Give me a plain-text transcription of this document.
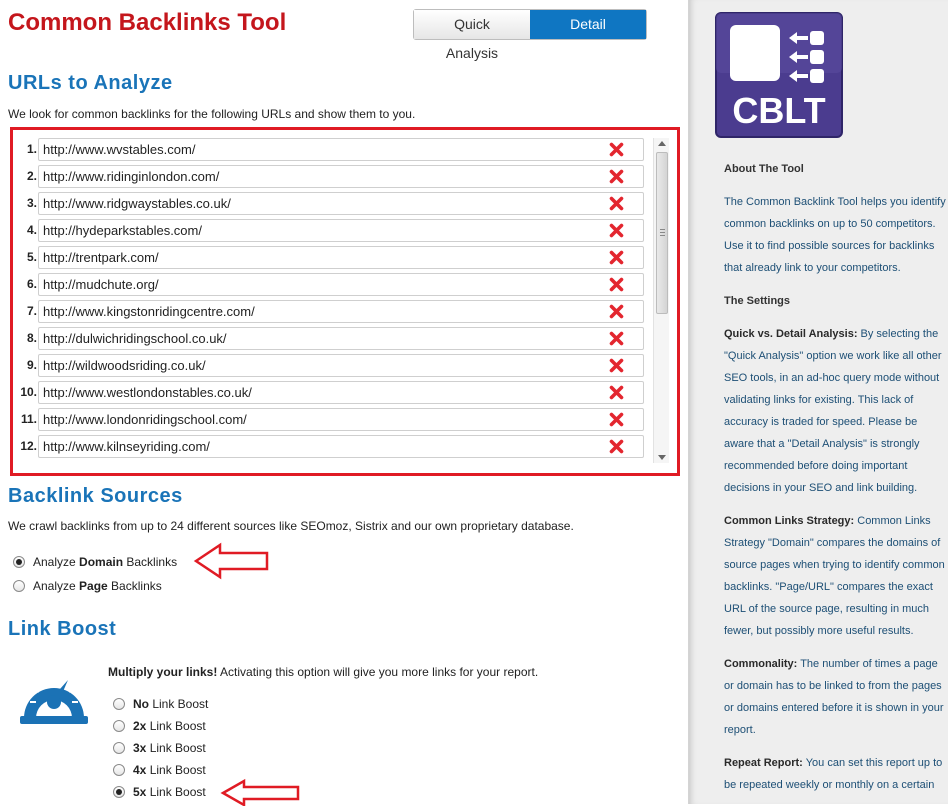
Common Backlinks Tool	Quick Analysis
Detail Analysis
URLs to Analyze
We look for common backlinks for the following URLs and show them to you.
1.
http://www.wvstables.com/
2.
http://www.ridinginlondon.com/
3.
http://www.ridgwaystables.co.uk/
4.
http://hydeparkstables.com/
5.
http://trentpark.com/
6.
http://mudchute.org/
7.
http://www.kingstonridingcentre.com/
8.
http://dulwichridingschool.co.uk/
9.
http://wildwoodsriding.co.uk/
10.
http://www.westlondonstables.co.uk/
11.
http://www.londonridingschool.com/
12.
http://www.kilnseyriding.com/
Backlink Sources
We crawl backlinks from up to 24 different sources like SEOmoz, Sistrix and our own proprietary database.
Analyze Domain Backlinks
Analyze Page Backlinks
Link Boost
Multiply your links! Activating this option will give you more links for your report.
No Link Boost
2x Link Boost
3x Link Boost
4x Link Boost
5x Link Boost
CBLT
About The Tool

The Common Backlink Tool helps you identify common backlinks on up to 50 competitors. Use it to find possible sources for backlinks that already link to your competitors.

The Settings

Quick vs. Detail Analysis: By selecting the "Quick Analysis" option we work like all other SEO tools, in an ad-hoc query mode without validating links for existing. This lack of accuracy is traded for speed. Please be aware that a "Detail Analysis" is strongly recommended before doing important decisions in your SEO and link building.

Common Links Strategy: Common Links Strategy "Domain" compares the domains of source pages when trying to identify common backlinks. "Page/URL" compares the exact URL of the source page, resulting in much fewer, but possibly more useful results.

Commonality: The number of times a page or domain has to be linked to from the pages or domains entered before it is shown in your report.

Repeat Report: You can set this report up to be repeated weekly or monthly on a certain
